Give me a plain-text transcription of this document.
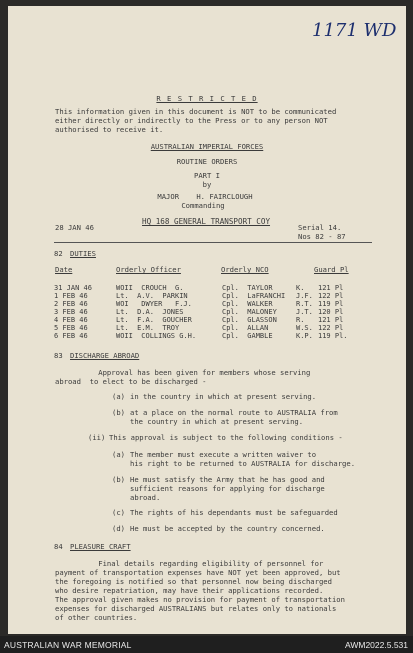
1171 WD
R E S T R I C T E D
This information given in this document is NOT to be communicated
either directly or indirectly to the Press or to any person NOT
authorised to receive it.
AUSTRALIAN IMPERIAL FORCES
ROUTINE ORDERS
PART I
by
MAJOR    H. FAIRCLOUGH
Commanding
28 JAN 46
HQ 168 GENERAL TRANSPORT COY
Serial 14.
Nos 82 - 87
82 DUTIES
Date	Orderly Officer	Orderly NCO	Guard Pl
31 JAN 46	WOII  CROUCH  G.	Cpl.  TAYLOR	K.	121 Pl
1 FEB 46	Lt.  A.V.  PARKIN	Cpl.  LaFRANCHI	J.F.	122 Pl
2 FEB 46	WOI   DWYER   F.J.	Cpl.  WALKER	R.T.	119 Pl
3 FEB 46	Lt.  D.A.  JONES	Cpl.  MALONEY	J.T.	120 Pl
4 FEB 46	Lt.  F.A.  GOUCHER	Cpl.  GLASSON	R.	121 Pl
5 FEB 46	Lt.  E.M.  TROY	Cpl.  ALLAN	W.S.	122 Pl
6 FEB 46	WOII  COLLINGS G.H.	Cpl.  GAMBLE	K.P.	119 Pl.
83 DISCHARGE ABROAD
Approval has been given for members whose serving
abroad  to elect to be discharged -
(a) in the country in which at present serving.
(b) at a place on the normal route to AUSTRALIA from
the country in which at present serving.
(ii) This approval is subject to the following conditions -
(a) The member must execute a written waiver to
his right to be returned to AUSTRALIA for discharge.
(b) He must satisfy the Army that he has good and
sufficient reasons for applying for discharge
abroad.
(c) The rights of his dependants must be safeguarded
(d) He must be accepted by the country concerned.
84 PLEASURE CRAFT
Final details regarding eligibility of personnel for
payment of transportation expenses have NOT yet been approved, but
the foregoing is notified so that personnel now being discharged
who desire repatriation, may have their applications recorded.
The approval given makes no provision for payment of transportation
expenses for discharged AUSTRALIANS but relates only to nationals
of other countries.
AUSTRALIAN WAR MEMORIAL	AWM2022.5.531
